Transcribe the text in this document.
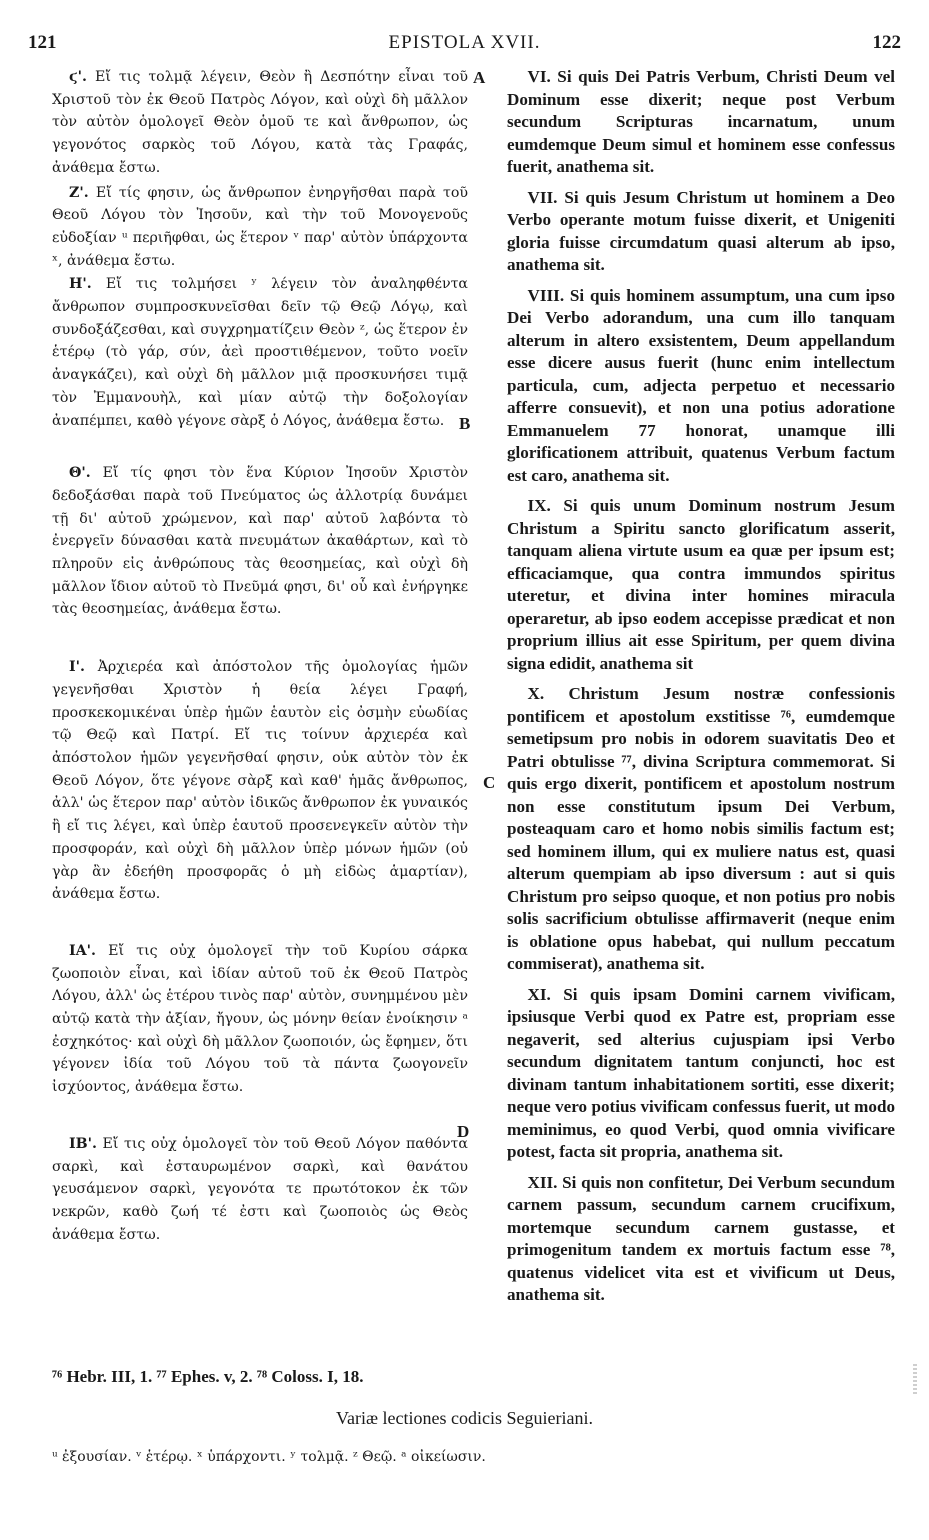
121	EPISTOLA XVII.	122

ϛ'. Εἴ τις τολμᾷ λέγειν, Θεὸν ἢ Δεσπότην εἶναι τοῦ Χριστοῦ τὸν ἐκ Θεοῦ Πατρὸς Λόγον, καὶ οὐχὶ δὴ μᾶλλον τὸν αὐτὸν ὁμολογεῖ Θεὸν ὁμοῦ τε καὶ ἄνθρωπον, ὡς γεγονότος σαρκὸς τοῦ Λόγου, κατὰ τὰς Γραφάς, ἀνάθεμα ἔστω.

Ζ'. Εἴ τίς φησιν, ὡς ἄνθρωπον ἐνηργῆσθαι παρὰ τοῦ Θεοῦ Λόγου τὸν Ἰησοῦν, καὶ τὴν τοῦ Μονογενοῦς εὐδοξίαν ᵘ περιῆφθαι, ὡς ἕτερον ᵛ παρ' αὐτὸν ὑπάρχοντα ˣ, ἀνάθεμα ἔστω.

Η'. Εἴ τις τολμήσει ʸ λέγειν τὸν ἀναληφθέντα ἄνθρωπον συμπροσκυνεῖσθαι δεῖν τῷ Θεῷ Λόγῳ, καὶ συνδοξάζεσθαι, καὶ συγχρηματίζειν Θεὸν ᶻ, ὡς ἕτερον ἐν ἑτέρῳ (τὸ γάρ, σύν, ἀεὶ προστιθέμενον, τοῦτο νοεῖν ἀναγκάζει), καὶ οὐχὶ δὴ μᾶλλον μιᾷ προσκυνήσει τιμᾷ τὸν Ἐμμανουὴλ, καὶ μίαν αὐτῷ τὴν δοξολογίαν ἀναπέμπει, καθὸ γέγονε σὰρξ ὁ Λόγος, ἀνάθεμα ἔστω.

Θ'. Εἴ τίς φησι τὸν ἕνα Κύριον Ἰησοῦν Χριστὸν δεδοξάσθαι παρὰ τοῦ Πνεύματος ὡς ἀλλοτρίᾳ δυνάμει τῇ δι' αὐτοῦ χρώμενον, καὶ παρ' αὐτοῦ λαβόντα τὸ ἐνεργεῖν δύνασθαι κατὰ πνευμάτων ἀκαθάρτων, καὶ τὸ πληροῦν εἰς ἀνθρώπους τὰς θεοσημείας, καὶ οὐχὶ δὴ μᾶλλον ἴδιον αὐτοῦ τὸ Πνεῦμά φησι, δι' οὗ καὶ ἐνήργηκε τὰς θεοσημείας, ἀνάθεμα ἔστω.

Ι'. Ἀρχιερέα καὶ ἀπόστολον τῆς ὁμολογίας ἡμῶν γεγενῆσθαι Χριστὸν ἡ θεία λέγει Γραφή, προσκεκομικέναι ὑπὲρ ἡμῶν ἑαυτὸν εἰς ὀσμὴν εὐωδίας τῷ Θεῷ καὶ Πατρί. Εἴ τις τοίνυν ἀρχιερέα καὶ ἀπόστολον ἡμῶν γεγενῆσθαί φησιν, οὐκ αὐτὸν τὸν ἐκ Θεοῦ Λόγον, ὅτε γέγονε σὰρξ καὶ καθ' ἡμᾶς ἄνθρωπος, ἀλλ' ὡς ἕτερον παρ' αὐτὸν ἰδικῶς ἄνθρωπον ἐκ γυναικός ἢ εἴ τις λέγει, καὶ ὑπὲρ ἑαυτοῦ προσενεγκεῖν αὐτὸν τὴν προσφοράν, καὶ οὐχὶ δὴ μᾶλλον ὑπὲρ μόνων ἡμῶν (οὐ γὰρ ἂν ἐδεήθη προσφορᾶς ὁ μὴ εἰδὼς ἁμαρτίαν), ἀνάθεμα ἔστω.

ΙΑ'. Εἴ τις οὐχ ὁμολογεῖ τὴν τοῦ Κυρίου σάρκα ζωοποιὸν εἶναι, καὶ ἰδίαν αὐτοῦ τοῦ ἐκ Θεοῦ Πατρὸς Λόγου, ἀλλ' ὡς ἑτέρου τινὸς παρ' αὐτὸν, συνημμένου μὲν αὐτῷ κατὰ τὴν ἀξίαν, ἤγουν, ὡς μόνην θείαν ἐνοίκησιν ᵃ ἐσχηκότος· καὶ οὐχὶ δὴ μᾶλλον ζωοποιόν, ὡς ἔφημεν, ὅτι γέγονεν ἰδία τοῦ Λόγου τοῦ τὰ πάντα ζωογονεῖν ἰσχύοντος, ἀνάθεμα ἔστω.

ΙΒ'. Εἴ τις οὐχ ὁμολογεῖ τὸν τοῦ Θεοῦ Λόγον παθόντα σαρκὶ, καὶ ἐσταυρωμένον σαρκὶ, καὶ θανάτου γευσάμενον σαρκὶ, γεγονότα τε πρωτότοκον ἐκ τῶν νεκρῶν, καθὸ ζωή τέ ἐστι καὶ ζωοποιὸς ὡς Θεὸς ἀνάθεμα ἔστω.

A
B
C
D

VI. Si quis Dei Patris Verbum, Christi Deum vel Dominum esse dixerit; neque post Verbum secundum Scripturas incarnatum, unum eumdemque Deum simul et hominem esse confessus fuerit, anathema sit.

VII. Si quis Jesum Christum ut hominem a Deo Verbo operante motum fuisse dixerit, et Unigeniti gloria fuisse circumdatum quasi alterum ab ipso, anathema sit.

VIII. Si quis hominem assumptum, una cum ipso Dei Verbo adorandum, una cum illo tanquam alterum in altero exsistentem, Deum appellandum esse dicere ausus fuerit (hunc enim intellectum particula, cum, adjecta perpetuo et necessario afferre consuevit), et non una potius adoratione Emmanuelem 77 honorat, unamque illi glorificationem attribuit, quatenus Verbum factum est caro, anathema sit.

IX. Si quis unum Dominum nostrum Jesum Christum a Spiritu sancto glorificatum asserit, tanquam aliena virtute usum ea quæ per ipsum est; efficaciamque, qua contra immundos spiritus uteretur, et divina inter homines miracula operaretur, ab ipso eodem accepisse prædicat et non proprium illius ait esse Spiritum, per quem divina signa edidit, anathema sit

X. Christum Jesum nostræ confessionis pontificem et apostolum exstitisse ⁷⁶, eumdemque semetipsum pro nobis in odorem suavitatis Deo et Patri obtulisse ⁷⁷, divina Scriptura commemorat. Si quis ergo dixerit, pontificem et apostolum nostrum non esse constitutum ipsum Dei Verbum, posteaquam caro et homo nobis similis factum est; sed hominem illum, qui ex muliere natus est, quasi alterum quempiam ab ipso diversum : aut si quis Christum pro seipso quoque, et non potius pro nobis solis sacrificium obtulisse affirmaverit (neque enim is oblatione opus habebat, qui nullum peccatum commiserat), anathema sit.

XI. Si quis ipsam Domini carnem vivificam, ipsiusque Verbi quod ex Patre est, propriam esse negaverit, sed alterius cujuspiam ipsi Verbo secundum dignitatem tantum conjuncti, hoc est divinam tantum inhabitationem sortiti, esse dixerit; neque vero potius vivificam confessus fuerit, ut modo meminimus, eo quod Verbi, quod omnia vivificare potest, facta sit propria, anathema sit.

XII. Si quis non confitetur, Dei Verbum secundum carnem passum, secundum carnem crucifixum, mortemque secundum carnem gustasse, et primogenitum tandem ex mortuis factum esse ⁷⁸, quatenus videlicet vita est et vivificum ut Deus, anathema sit.

⁷⁶ Hebr. III, 1. ⁷⁷ Ephes. v, 2. ⁷⁸ Coloss. I, 18.
Variæ lectiones codicis Seguieriani.
ᵘ ἐξουσίαν. ᵛ ἑτέρῳ. ˣ ὑπάρχοντι. ʸ τολμᾷ. ᶻ Θεῷ. ᵃ οἰκείωσιν.
